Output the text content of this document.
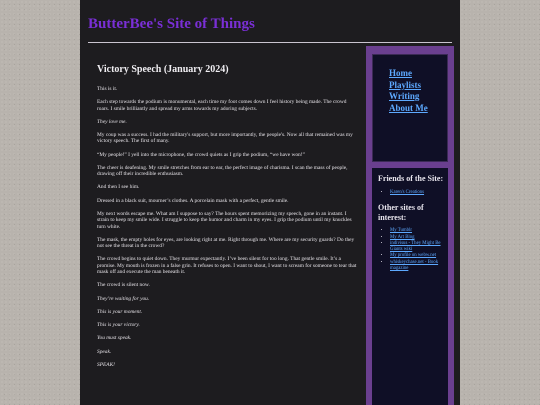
ButterBee's Site of Things
Victory Speech (January 2024)

This is it.

Each step towards the podium is monumental, each time my foot comes down I feel history being made. The crowd roars. I smile brilliantly and spread my arms towards my adoring subjects.

They love me.

My coup was a success. I had the military's support, but more importantly, the people's. Now all that remained was my victory speech. The first of many.

“My people!” I yell into the microphone, the crowd quiets as I grip the podium, “we have won!”

The cheer is deafening. My smile stretches from ear to ear, the perfect image of charisma. I scan the mass of people, drawing off their incredible enthusiasm.

And then I see him.

Dressed in a black suit, mourner’s clothes. A porcelain mask with a perfect, gentle smile.

My next words escape me. What am I suppose to say? The hours spent memorizing my speech, gone in an instant. I strain to keep my smile wide. I struggle to keep the humor and charm in my eyes. I grip the podium until my knuckles turn white.

The mask, the empty holes for eyes, are looking right at me. Right through me. Where are my security guards? Do they not see the threat in the crowd?

The crowd begins to quiet down. They murmur expectantly. I’ve been silent for too long. That gentle smile. It’s a promise. My mouth is frozen in a false grin. It refuses to open. I want to shout, I want to scream for someone to tear that mask off and execute the man beneath it.

The crowd is silent now.

They’re waiting for you.

This is your moment.

This is your victory.

You must speak.

Speak.

SPEAK!

Home
Playlists
Writing
About Me
Friends of the Site:
• Karen's Creations
Other sites of interest:
• My Tumblr
• My Art Blog
• indivisus - They Might Be Giants wiki
• My profile on webw.net
• whiskeychase.net - Book magazine
